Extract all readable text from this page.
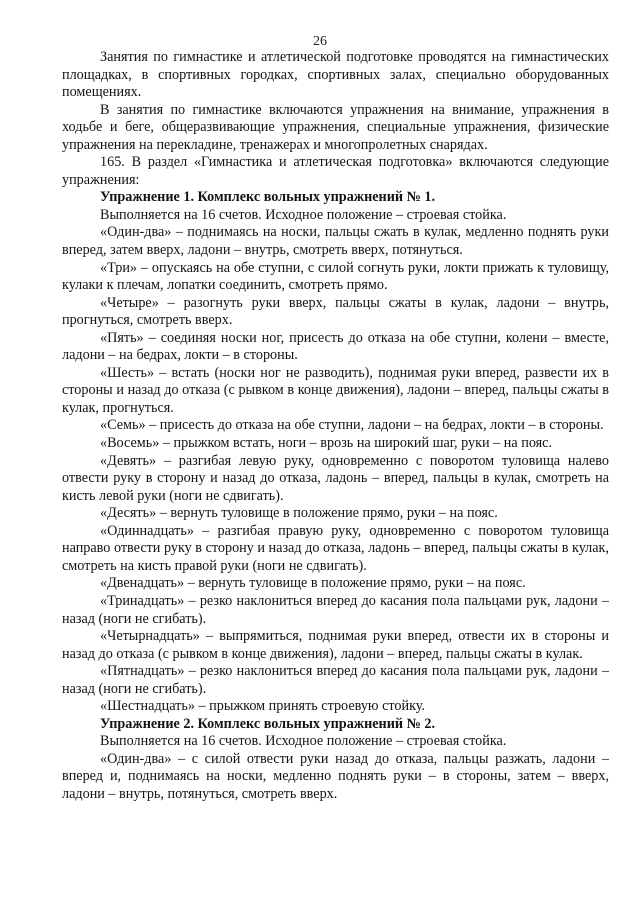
26

Занятия по гимнастике и атлетической подготовке проводятся на гимнастических площадках, в спортивных городках, спортивных залах, специально оборудованных помещениях.

В занятия по гимнастике включаются упражнения на внимание, упражнения в ходьбе и беге, общеразвивающие упражнения, специальные упражнения, физические упражнения на перекладине, тренажерах и многопролетных снарядах.

165. В раздел «Гимнастика и атлетическая подготовка» включаются следующие упражнения:

Упражнение 1. Комплекс вольных упражнений № 1.

Выполняется на 16 счетов. Исходное положение – строевая стойка.

«Один-два» – поднимаясь на носки, пальцы сжать в кулак, медленно поднять руки вперед, затем вверх, ладони – внутрь, смотреть вверх, потянуться.

«Три» – опускаясь на обе ступни, с силой согнуть руки, локти прижать к туловищу, кулаки к плечам, лопатки соединить, смотреть прямо.

«Четыре» – разогнуть руки вверх, пальцы сжаты в кулак, ладони – внутрь, прогнуться, смотреть вверх.

«Пять» – соединяя носки ног, присесть до отказа на обе ступни, колени – вместе, ладони – на бедрах, локти – в стороны.

«Шесть» – встать (носки ног не разводить), поднимая руки вперед, развести их в стороны и назад до отказа (с рывком в конце движения), ладони – вперед, пальцы сжаты в кулак, прогнуться.

«Семь» – присесть до отказа на обе ступни, ладони – на бедрах, локти – в стороны.

«Восемь» – прыжком встать, ноги – врозь на широкий шаг, руки – на пояс.

«Девять» – разгибая левую руку, одновременно с поворотом туловища налево отвести руку в сторону и назад до отказа, ладонь – вперед, пальцы в кулак, смотреть на кисть левой руки (ноги не сдвигать).

«Десять» – вернуть туловище в положение прямо, руки – на пояс.

«Одиннадцать» – разгибая правую руку, одновременно с поворотом туловища направо отвести руку в сторону и назад до отказа, ладонь – вперед, пальцы сжаты в кулак, смотреть на кисть правой руки (ноги не сдвигать).

«Двенадцать» – вернуть туловище в положение прямо, руки – на пояс.

«Тринадцать» – резко наклониться вперед до касания пола пальцами рук, ладони – назад (ноги не сгибать).

«Четырнадцать» – выпрямиться, поднимая руки вперед, отвести их в стороны и назад до отказа (с рывком в конце движения), ладони – вперед, пальцы сжаты в кулак.

«Пятнадцать» – резко наклониться вперед до касания пола пальцами рук, ладони – назад (ноги не сгибать).

«Шестнадцать» – прыжком принять строевую стойку.

Упражнение 2. Комплекс вольных упражнений № 2.

Выполняется на 16 счетов. Исходное положение – строевая стойка.

«Один-два» – с силой отвести руки назад до отказа, пальцы разжать, ладони – вперед и, поднимаясь на носки, медленно поднять руки – в стороны, затем – вверх, ладони – внутрь, потянуться, смотреть вверх.
